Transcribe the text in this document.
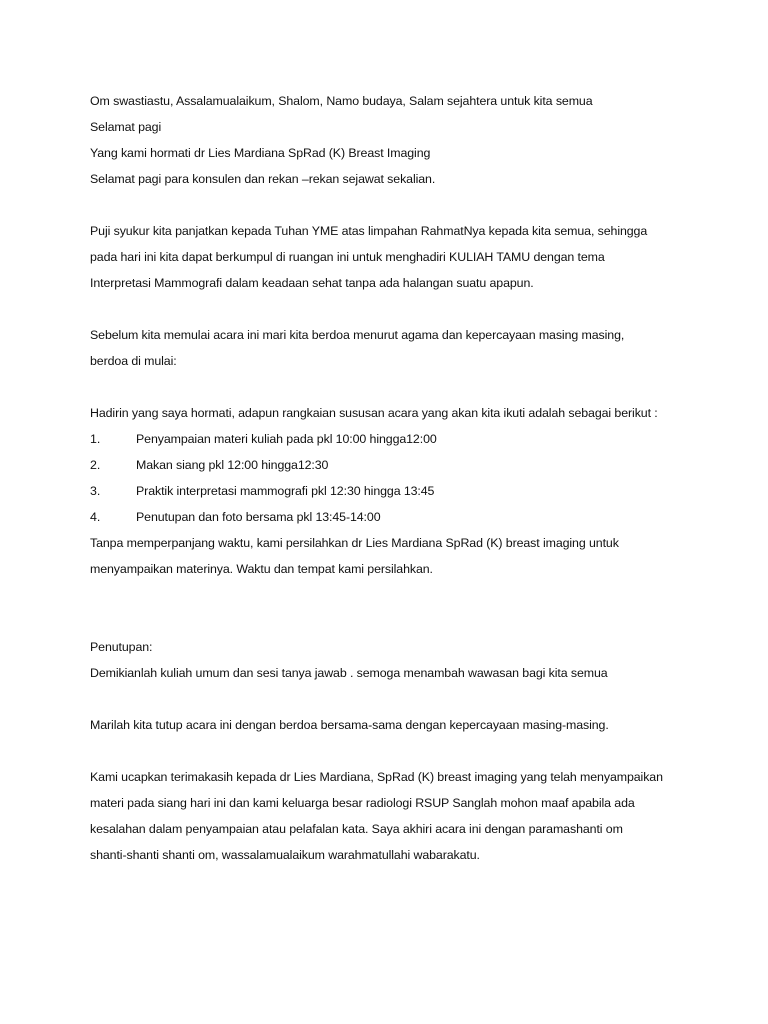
Om swastiastu, Assalamualaikum, Shalom, Namo budaya, Salam sejahtera untuk kita semua
Selamat pagi
Yang kami hormati dr Lies Mardiana SpRad (K) Breast Imaging
Selamat pagi para konsulen dan rekan –rekan sejawat sekalian.
Puji syukur kita panjatkan kepada Tuhan YME atas limpahan RahmatNya kepada kita semua, sehingga
pada hari ini kita dapat berkumpul di ruangan ini untuk menghadiri KULIAH TAMU dengan tema
Interpretasi Mammografi dalam keadaan sehat tanpa ada halangan suatu apapun.
Sebelum kita memulai acara ini mari kita berdoa menurut agama dan kepercayaan masing masing,
berdoa di mulai:
Hadirin yang saya hormati, adapun rangkaian sususan acara yang akan kita ikuti adalah sebagai berikut :
1.	Penyampaian materi kuliah pada pkl 10:00 hingga12:00
2.	Makan siang pkl 12:00 hingga12:30
3.	Praktik interpretasi mammografi pkl 12:30 hingga 13:45
4.	Penutupan dan foto bersama pkl 13:45-14:00
Tanpa memperpanjang waktu, kami persilahkan dr Lies Mardiana SpRad (K) breast imaging untuk
menyampaikan materinya. Waktu dan tempat kami persilahkan.
Penutupan:
Demikianlah kuliah umum dan sesi tanya jawab . semoga menambah wawasan bagi kita semua
Marilah kita tutup acara ini dengan berdoa bersama-sama dengan kepercayaan masing-masing.
Kami ucapkan terimakasih kepada dr Lies Mardiana, SpRad (K) breast imaging yang telah menyampaikan
materi pada siang hari ini dan kami keluarga besar radiologi RSUP Sanglah mohon maaf apabila ada
kesalahan dalam penyampaian atau pelafalan kata. Saya akhiri acara ini dengan paramashanti om
shanti-shanti shanti om, wassalamualaikum warahmatullahi wabarakatu.
